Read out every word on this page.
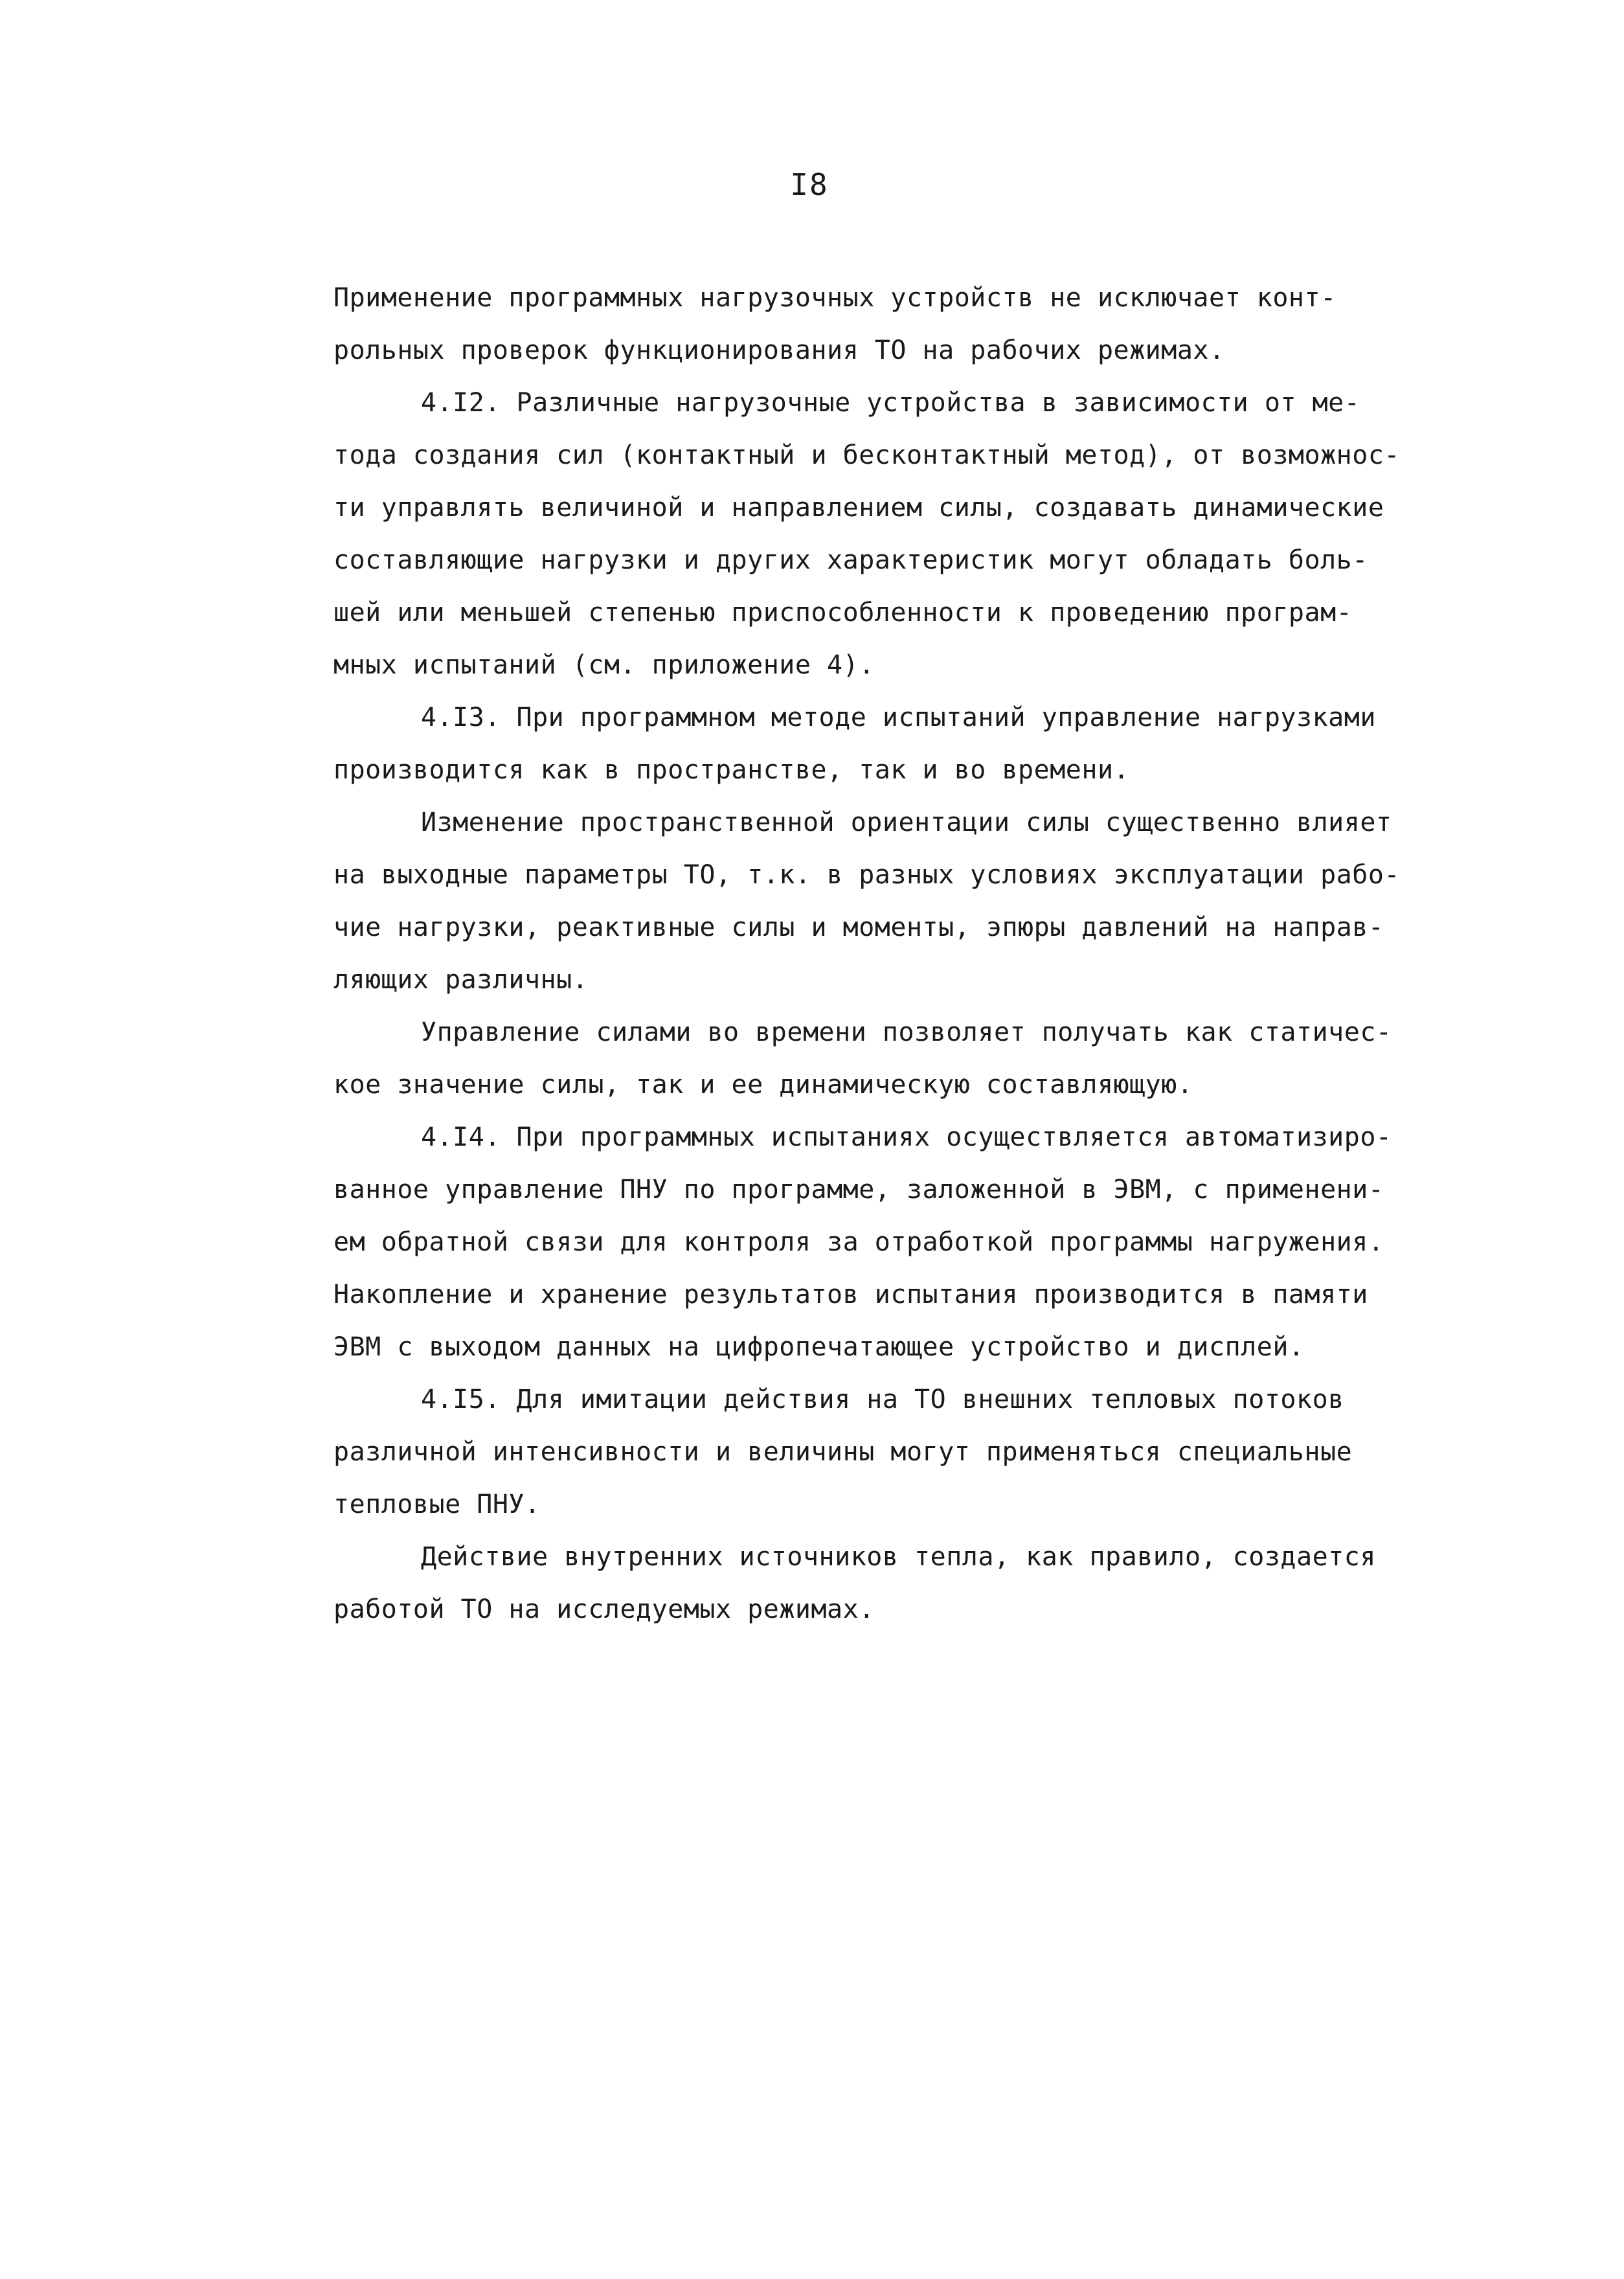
I8
Применение программных нагрузочных устройств не исключает конт-
рольных проверок функционирования ТО на рабочих режимах.
4.I2. Различные нагрузочные устройства в зависимости от ме-
тода создания сил (контактный и бесконтактный метод), от возможнос-
ти управлять величиной и направлением силы, создавать динамические
составляющие нагрузки и других характеристик могут обладать боль-
шей или меньшей степенью приспособленности к проведению програм-
мных испытаний (см. приложение 4).
4.I3. При программном методе испытаний управление нагрузками
производится как в пространстве, так и во времени.
Изменение пространственной ориентации силы существенно влияет
на выходные параметры ТО, т.к. в разных условиях эксплуатации рабо-
чие нагрузки, реактивные силы и моменты, эпюры давлений на направ-
ляющих различны.
Управление силами во времени позволяет получать как статичес-
кое значение силы, так и ее динамическую составляющую.
4.I4. При программных испытаниях осуществляется автоматизиро-
ванное управление ПНУ по программе, заложенной в ЭВМ, с применени-
ем обратной связи для контроля за отработкой программы нагружения.
Накопление и хранение результатов испытания производится в памяти
ЭВМ с выходом данных на цифропечатающее устройство и дисплей.
4.I5. Для имитации действия на ТО внешних тепловых потоков
различной интенсивности и величины могут применяться специальные
тепловые ПНУ.
Действие внутренних источников тепла, как правило, создается
работой ТО на исследуемых режимах.
